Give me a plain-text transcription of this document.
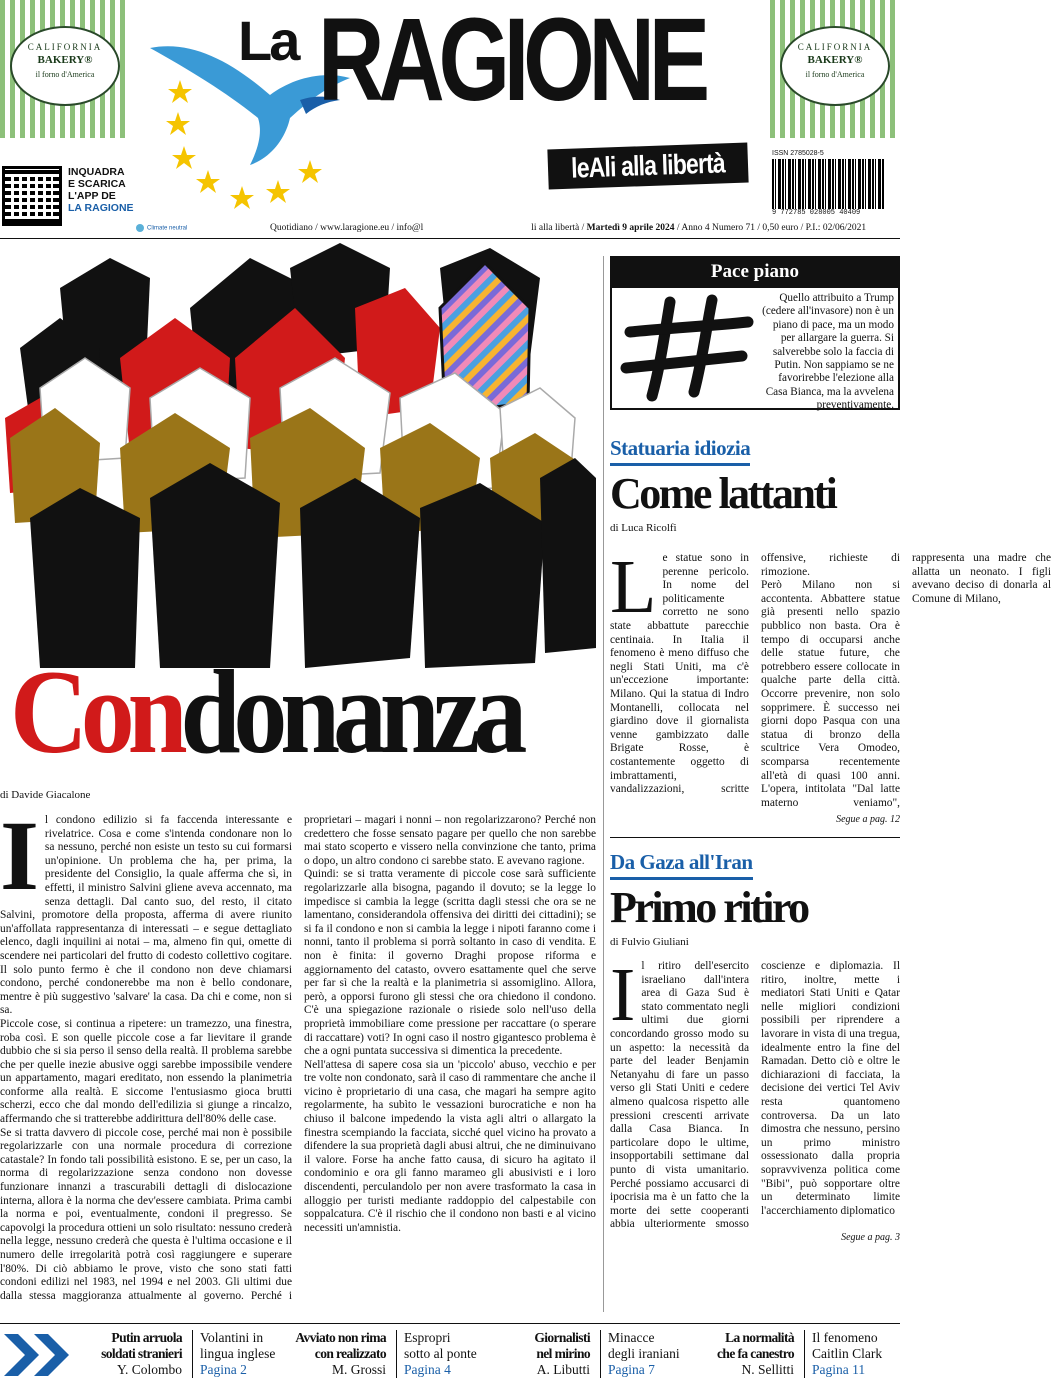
CALIFORNIA
BAKERY®
il forno d'America
La RAGIONE
leAli alla libertà
CALIFORNIA
BAKERY®
il forno d'America
INQUADRA
E SCARICA
L'APP DE
LA RAGIONE
Climate neutral
ISSN 2785028-5
9 772785 028005 40409
Quotidiano / www.laragione.eu / info@l	li alla libertà / Martedì 9 aprile 2024 / Anno 4 Numero 71 / 0,50 euro / P.I.: 02/06/2021
Condonanza
di Davide Giacalone
I l condono edilizio si fa faccenda interessante e rivelatrice. Cosa e come s'intenda condonare non lo sa nessuno, perché non esiste un testo su cui formarsi un'opinione. Un problema che ha, per prima, la presidente del Consiglio, la quale afferma che sì, in effetti, il ministro Salvini gliene aveva accennato, ma senza dettagli. Dal canto suo, del resto, il citato Salvini, promotore della proposta, afferma di avere riunito un'affollata rappresentanza di interessati – e segue dettagliato elenco, dagli inquilini ai notai – ma, almeno fin qui, omette di scendere nei particolari del frutto di codesto collettivo cogitare. Il solo punto fermo è che il condono non deve chiamarsi condono, perché condonerebbe ma non è bello condonare, mentre è più suggestivo 'salvare' la casa. Da chi e come, non si sa.

Piccole cose, si continua a ripetere: un tramezzo, una finestra, roba così. E son quelle piccole cose a far lievitare il grande dubbio che si sia perso il senso della realtà. Il problema sarebbe che per quelle inezie abusive oggi sarebbe impossibile vendere un appartamento, magari ereditato, non essendo la planimetria conforme alla realtà. E siccome l'entusiasmo gioca brutti scherzi, ecco che dal mondo dell'edilizia si giunge a rincalzo, affermando che si tratterebbe addirittura dell'80% delle case.

Se si tratta davvero di piccole cose, perché mai non è possibile regolarizzarle con una normale procedura di correzione catastale? In fondo tali possibilità esistono. E se, per un caso, la norma di regolarizzazione senza condono non dovesse funzionare innanzi a trascurabili dettagli di dislocazione interna, allora è la norma che dev'essere cambiata. Prima cambi la norma e poi, eventualmente, condoni il pregresso. Se capovolgi la procedura ottieni un solo risultato: nessuno crederà nella legge, nessuno crederà che questa è l'ultima occasione e il numero delle irregolarità potrà così raggiungere e superare l'80%. Di ciò abbiamo le prove, visto che sono stati fatti condoni edilizi nel 1983, nel 1994 e nel 2003. Gli ultimi due dalla stessa maggioranza attualmente al governo. Perché i proprietari – magari i nonni – non regolarizzarono? Perché non credettero che fosse sensato pagare per quello che non sarebbe mai stato scoperto e vissero nella convinzione che tanto, prima o dopo, un altro condono ci sarebbe stato. E avevano ragione.

Quindi: se si tratta veramente di piccole cose sarà sufficiente regolarizzarle alla bisogna, pagando il dovuto; se la legge lo impedisce si cambia la legge (scritta dagli stessi che ora se ne lamentano, considerandola offensiva dei diritti dei cittadini); se si fa il condono e non si cambia la legge i nipoti faranno come i nonni, tanto il problema si porrà soltanto in caso di vendita. E non è finita: il governo Draghi propose riforma e aggiornamento del catasto, ovvero esattamente quel che serve per far sì che la realtà e la planimetria si assomiglino. Allora, però, a opporsi furono gli stessi che ora chiedono il condono. C'è una spiegazione razionale o risiede solo nell'uso della proprietà immobiliare come pressione per raccattare (o sperare di raccattare) voti? In ogni caso il nostro gigantesco problema è che a ogni puntata successiva si dimentica la precedente.

Nell'attesa di sapere cosa sia un 'piccolo' abuso, vecchio e per tre volte non condonato, sarà il caso di rammentare che anche il vicino è proprietario di una casa, che magari ha sempre agito regolarmente, ha subìto le vessazioni burocratiche e non ha chiuso il balcone impedendo la vista agli altri o allargato la finestra scempiando la facciata, sicché quel vicino ha provato a difendere la sua proprietà dagli abusi altrui, che ne diminuivano il valore. Forse ha anche fatto causa, di sicuro ha agitato il condominio e ora gli fanno marameo gli abusivisti e i loro discendenti, perculandolo per non avere trasformato la casa in alloggio per turisti mediante raddoppio del calpestabile con soppalcatura. C'è il rischio che il condono non basti e al vicino necessiti un'amnistia.

Pace piano
Quello attribuito a Trump (cedere all'invasore) non è un piano di pace, ma un modo per allargare la guerra. Si salverebbe solo la faccia di Putin. Non sappiamo se ne favorirebbe l'elezione alla Casa Bianca, ma la avvelena preventivamente.
Statuaria idiozia
Come lattanti
di Luca Ricolfi
L e statue sono in perenne pericolo. In nome del politicamente corretto ne sono state abbattute parecchie centinaia. In Italia il fenomeno è meno diffuso che negli Stati Uniti, ma c'è un'eccezione importante: Milano. Qui la statua di Indro Montanelli, collocata nel giardino dove il giornalista venne gambizzato dalle Brigate Rosse, è costantemente oggetto di imbrattamenti, vandalizzazioni, scritte offensive, richieste di rimozione.

Però Milano non si accontenta. Abbattere statue già presenti nello spazio pubblico non basta. Ora è tempo di occuparsi anche delle statue future, che potrebbero essere collocate in qualche parte della città. Occorre prevenire, non solo sopprimere. È successo nei giorni dopo Pasqua con una statua di bronzo della scultrice Vera Omodeo, scomparsa recentemente all'età di quasi 100 anni. L'opera, intitolata "Dal latte materno veniamo", rappresenta una madre che allatta un neonato. I figli avevano deciso di donarla al Comune di Milano,

Segue a pag. 12
Da Gaza all'Iran
Primo ritiro
di Fulvio Giuliani
I l ritiro dell'esercito israeliano dall'intera area di Gaza Sud è stato commentato negli ultimi due giorni concordando grosso modo su un aspetto: la necessità da parte del leader Benjamin Netanyahu di fare un passo verso gli Stati Uniti e cedere almeno qualcosa rispetto alle pressioni crescenti arrivate dalla Casa Bianca. In particolare dopo le ultime, insopportabili settimane dal punto di vista umanitario. Perché possiamo accusarci di ipocrisia ma è un fatto che la morte dei sette cooperanti abbia ulteriormente smosso coscienze e diplomazia. Il ritiro, inoltre, mette i mediatori Stati Uniti e Qatar nelle migliori condizioni possibili per riprendere a lavorare in vista di una tregua, idealmente entro la fine del Ramadan. Detto ciò e oltre le dichiarazioni di facciata, la decisione dei vertici Tel Aviv resta quantomeno controversa. Da un lato dimostra che nessuno, persino un primo ministro ossessionato dalla propria sopravvivenza politica come "Bibi", può sopportare oltre un determinato limite l'accerchiamento diplomatico

Segue a pag. 3
Putin arruola
soldati stranieri
Y. Colombo
Volantini in
lingua inglese
Pagina 2
Avviato non rima
con realizzato
M. Grossi
Espropri
sotto al ponte
Pagina 4
Giornalisti
nel mirino
A. Libutti
Minacce
degli iraniani
Pagina 7
La normalità
che fa canestro
N. Sellitti
Il fenomeno
Caitlin Clark
Pagina 11
